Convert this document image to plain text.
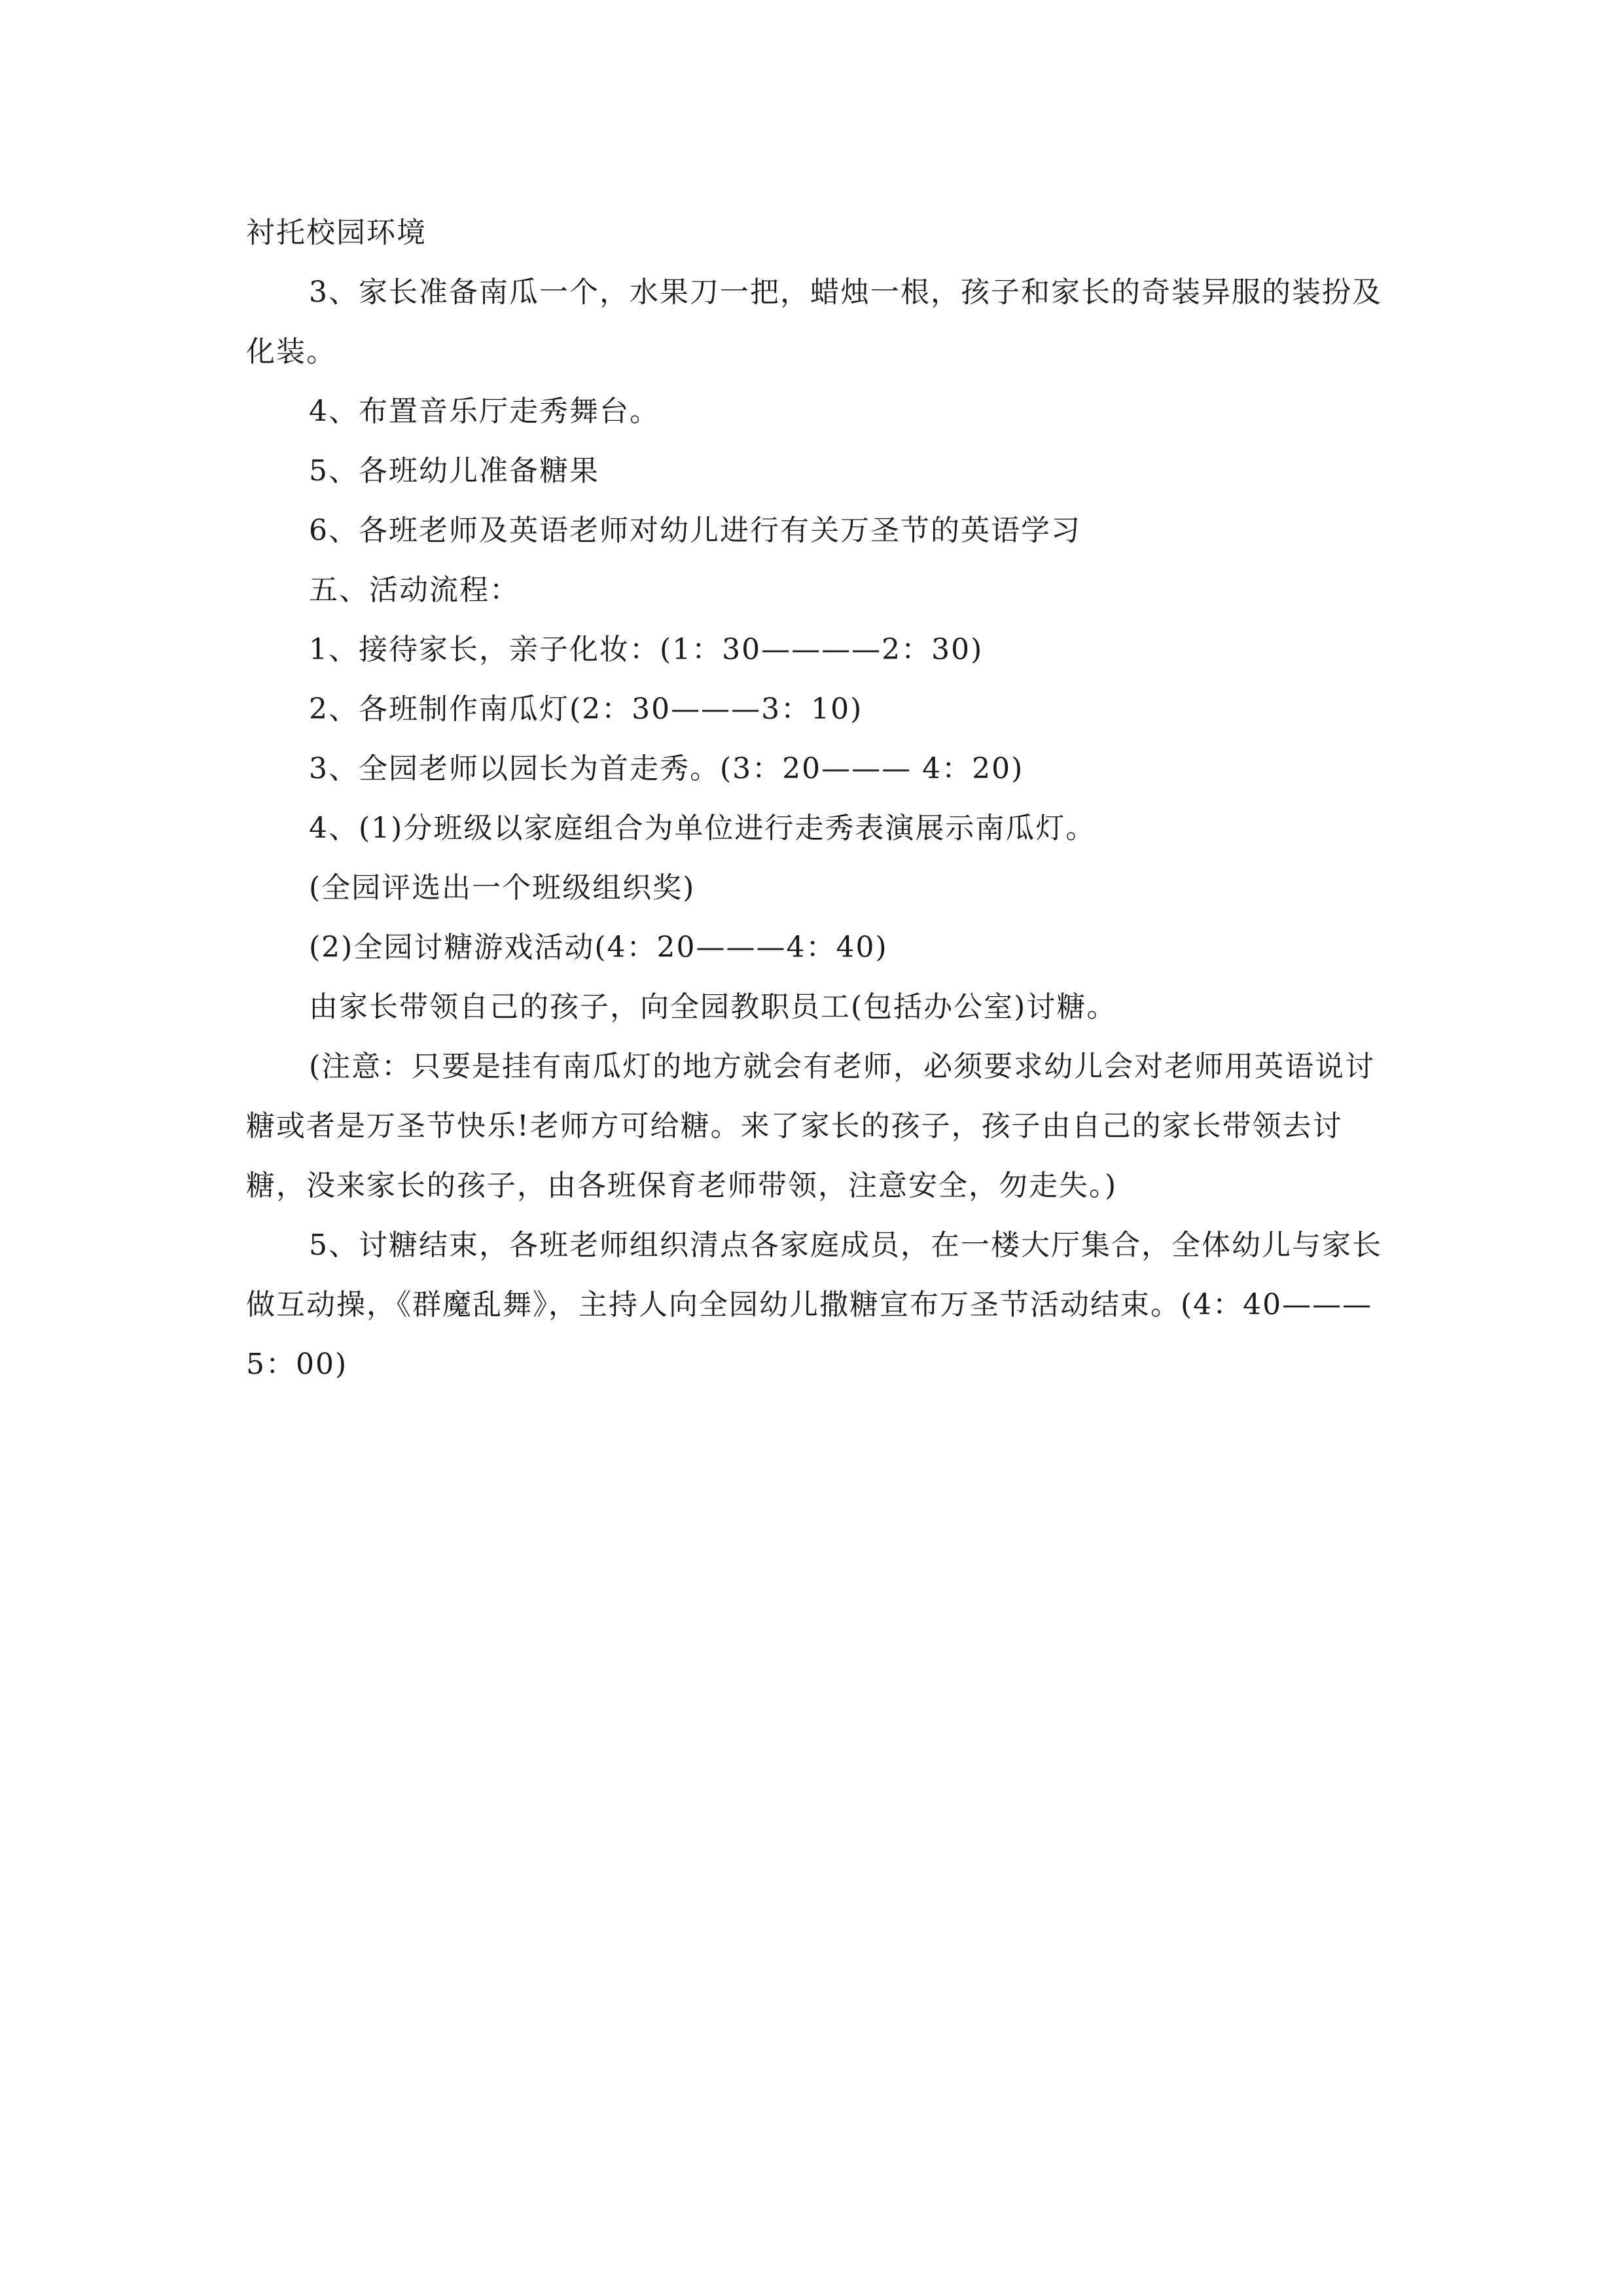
衬托校园环境

3、家长准备南瓜一个，水果刀一把，蜡烛一根，孩子和家长的奇装异服的装扮及化装。

4、布置音乐厅走秀舞台。

5、各班幼儿准备糖果

6、各班老师及英语老师对幼儿进行有关万圣节的英语学习

五、活动流程：

1、接待家长，亲子化妆：(1：30————2：30)

2、各班制作南瓜灯(2：30———3：10)

3、全园老师以园长为首走秀。(3：20——— 4：20)

4、(1)分班级以家庭组合为单位进行走秀表演展示南瓜灯。

(全园评选出一个班级组织奖)

(2)全园讨糖游戏活动(4：20———4：40)

由家长带领自己的孩子，向全园教职员工(包括办公室)讨糖。

(注意：只要是挂有南瓜灯的地方就会有老师，必须要求幼儿会对老师用英语说讨糖或者是万圣节快乐!老师方可给糖。来了家长的孩子，孩子由自己的家长带领去讨糖，没来家长的孩子，由各班保育老师带领，注意安全，勿走失。)

5、讨糖结束，各班老师组织清点各家庭成员，在一楼大厅集合，全体幼儿与家长做互动操，《群魔乱舞》，主持人向全园幼儿撒糖宣布万圣节活动结束。(4：40———5：00)
